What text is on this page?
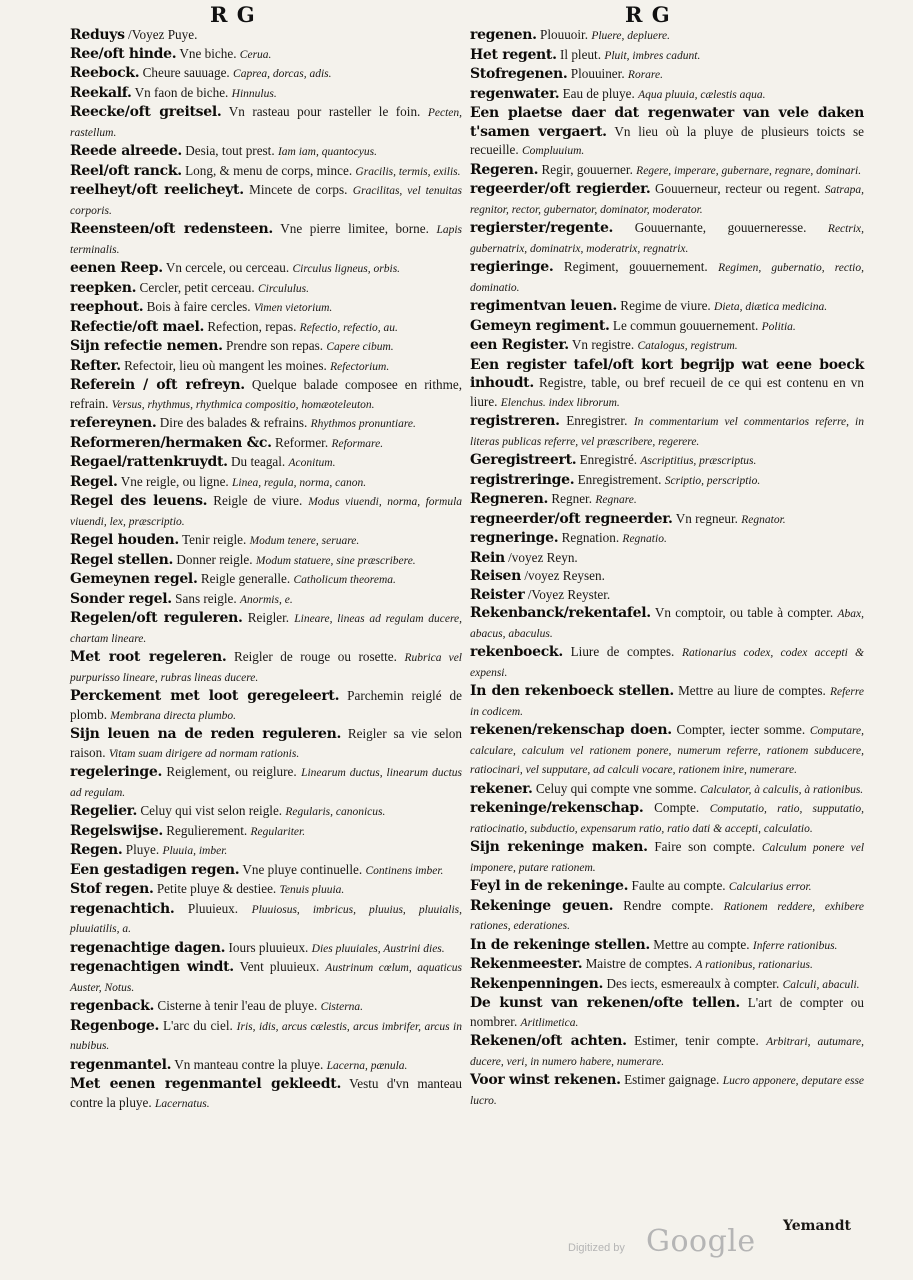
R G	R G

Reduys /Voyez Puye.

Ree/oft hinde. Vne biche. Cerua.

Reebock. Cheure sauuage. Caprea, dorcas, adis.

Reekalf. Vn faon de biche. Hinnulus.

Reecke/oft greitsel. Vn rasteau pour rasteller le foin. Pecten, rastellum.

Reede alreede. Desia, tout prest. Iam iam, quantocyus.

Reel/oft ranck. Long, & menu de corps, mince. Gracilis, termis, exilis.

reelheyt/oft reelicheyt. Mincete de corps. Gracilitas, vel tenuitas corporis.

Reensteen/oft redensteen. Vne pierre limitee, borne. Lapis terminalis.

eenen Reep. Vn cercele, ou cerceau. Circulus ligneus, orbis.

reepken. Cercler, petit cerceau. Circululus.

reephout. Bois à faire cercles. Vimen vietorium.

Refectie/oft mael. Refection, repas. Refectio, refectio, au.

Sijn refectie nemen. Prendre son repas. Capere cibum.

Refter. Refectoir, lieu où mangent les moines. Refectorium.

Referein / oft refreyn. Quelque balade composee en rithme, refrain. Versus, rhythmus, rhythmica compositio, homæoteleuton.

refereynen. Dire des balades & refrains. Rhythmos pronuntiare.

Reformeren/hermaken &c. Reformer. Reformare.

Regael/rattenkruydt. Du teagal. Aconitum.

Regel. Vne reigle, ou ligne. Linea, regula, norma, canon.

Regel des leuens. Reigle de viure. Modus viuendi, norma, formula viuendi, lex, præscriptio.

Regel houden. Tenir reigle. Modum tenere, seruare.

Regel stellen. Donner reigle. Modum statuere, sine præscribere.

Gemeynen regel. Reigle generalle. Catholicum theorema.

Sonder regel. Sans reigle. Anormis, e.

Regelen/oft reguleren. Reigler. Lineare, lineas ad regulam ducere, chartam lineare.

Met root regeleren. Reigler de rouge ou rosette. Rubrica vel purpurisso lineare, rubras lineas ducere.

Perckement met loot geregeleert. Parchemin reiglé de plomb. Membrana directa plumbo.

Sijn leuen na de reden reguleren. Reigler sa vie selon raison. Vitam suam dirigere ad normam rationis.

regeleringe. Reiglement, ou reiglure. Linearum ductus, linearum ductus ad regulam.

Regelier. Celuy qui vist selon reigle. Regularis, canonicus.

Regelswijse. Regulierement. Regulariter.

Regen. Pluye. Pluuia, imber.

Een gestadigen regen. Vne pluye continuelle. Continens imber.

Stof regen. Petite pluye & destiee. Tenuis pluuia.

regenachtich. Pluuieux. Pluuiosus, imbricus, pluuius, pluuialis, pluuiatilis, a.

regenachtige dagen. Iours pluuieux. Dies pluuiales, Austrini dies.

regenachtigen windt. Vent pluuieux. Austrinum cœlum, aquaticus Auster, Notus.

regenback. Cisterne à tenir l'eau de pluye. Cisterna.

Regenboge. L'arc du ciel. Iris, idis, arcus cælestis, arcus imbrifer, arcus in nubibus.

regenmantel. Vn manteau contre la pluye. Lacerna, pænula.

Met eenen regenmantel gekleedt. Vestu d'vn manteau contre la pluye. Lacernatus.

regenen. Plouuoir. Pluere, depluere.

Het regent. Il pleut. Pluit, imbres cadunt.

Stofregenen. Plouuiner. Rorare.

regenwater. Eau de pluye. Aqua pluuia, cælestis aqua.

Een plaetse daer dat regenwater van vele daken t'samen vergaert. Vn lieu où la pluye de plusieurs toicts se recueille. Compluuium.

Regeren. Regir, gouuerner. Regere, imperare, gubernare, regnare, dominari.

regeerder/oft regierder. Gouuerneur, recteur ou regent. Satrapa, regnitor, rector, gubernator, dominator, moderator.

regierster/regente. Gouuernante, gouuerneresse. Rectrix, gubernatrix, dominatrix, moderatrix, regnatrix.

regieringe. Regiment, gouuernement. Regimen, gubernatio, rectio, dominatio.

regimentvan leuen. Regime de viure. Dieta, diætica medicina.

Gemeyn regiment. Le commun gouuernement. Politia.

een Register. Vn registre. Catalogus, registrum.

Een register tafel/oft kort begrijp wat eene boeck inhoudt. Registre, table, ou bref recueil de ce qui est contenu en vn liure. Elenchus. index librorum.

registreren. Enregistrer. In commentarium vel commentarios referre, in literas publicas referre, vel præscribere, regerere.

Geregistreert. Enregistré. Ascriptitius, præscriptus.

registreringe. Enregistrement. Scriptio, perscriptio.

Regneren. Regner. Regnare.

regneerder/oft regneerder. Vn regneur. Regnator.

regneringe. Regnation. Regnatio.

Rein /voyez Reyn.

Reisen /voyez Reysen.

Reister /Voyez Reyster.

Rekenbanck/rekentafel. Vn comptoir, ou table à compter. Abax, abacus, abaculus.

rekenboeck. Liure de comptes. Rationarius codex, codex accepti & expensi.

In den rekenboeck stellen. Mettre au liure de comptes. Referre in codicem.

rekenen/rekenschap doen. Compter, iecter somme. Computare, calculare, calculum vel rationem ponere, numerum referre, rationem subducere, ratiocinari, vel supputare, ad calculi vocare, rationem inire, numerare.

rekener. Celuy qui compte vne somme. Calculator, à calculis, à rationibus.

rekeninge/rekenschap. Compte. Computatio, ratio, supputatio, ratiocinatio, subductio, expensarum ratio, ratio dati & accepti, calculatio.

Sijn rekeninge maken. Faire son compte. Calculum ponere vel imponere, putare rationem.

Feyl in de rekeninge. Faulte au compte. Calcularius error.

Rekeninge geuen. Rendre compte. Rationem reddere, exhibere rationes, ederationes.

In de rekeninge stellen. Mettre au compte. Inferre rationibus.

Rekenmeester. Maistre de comptes. A rationibus, rationarius.

Rekenpenningen. Des iects, esmereaulx à compter. Calculi, abaculi.

De kunst van rekenen/ofte tellen. L'art de compter ou nombrer. Aritlimetica.

Rekenen/oft achten. Estimer, tenir compte. Arbitrari, autumare, ducere, veri, in numero habere, numerare.

Voor winst rekenen. Estimer gaignage. Lucro apponere, deputare esse lucro.

Yemandt
Digitized by Google
